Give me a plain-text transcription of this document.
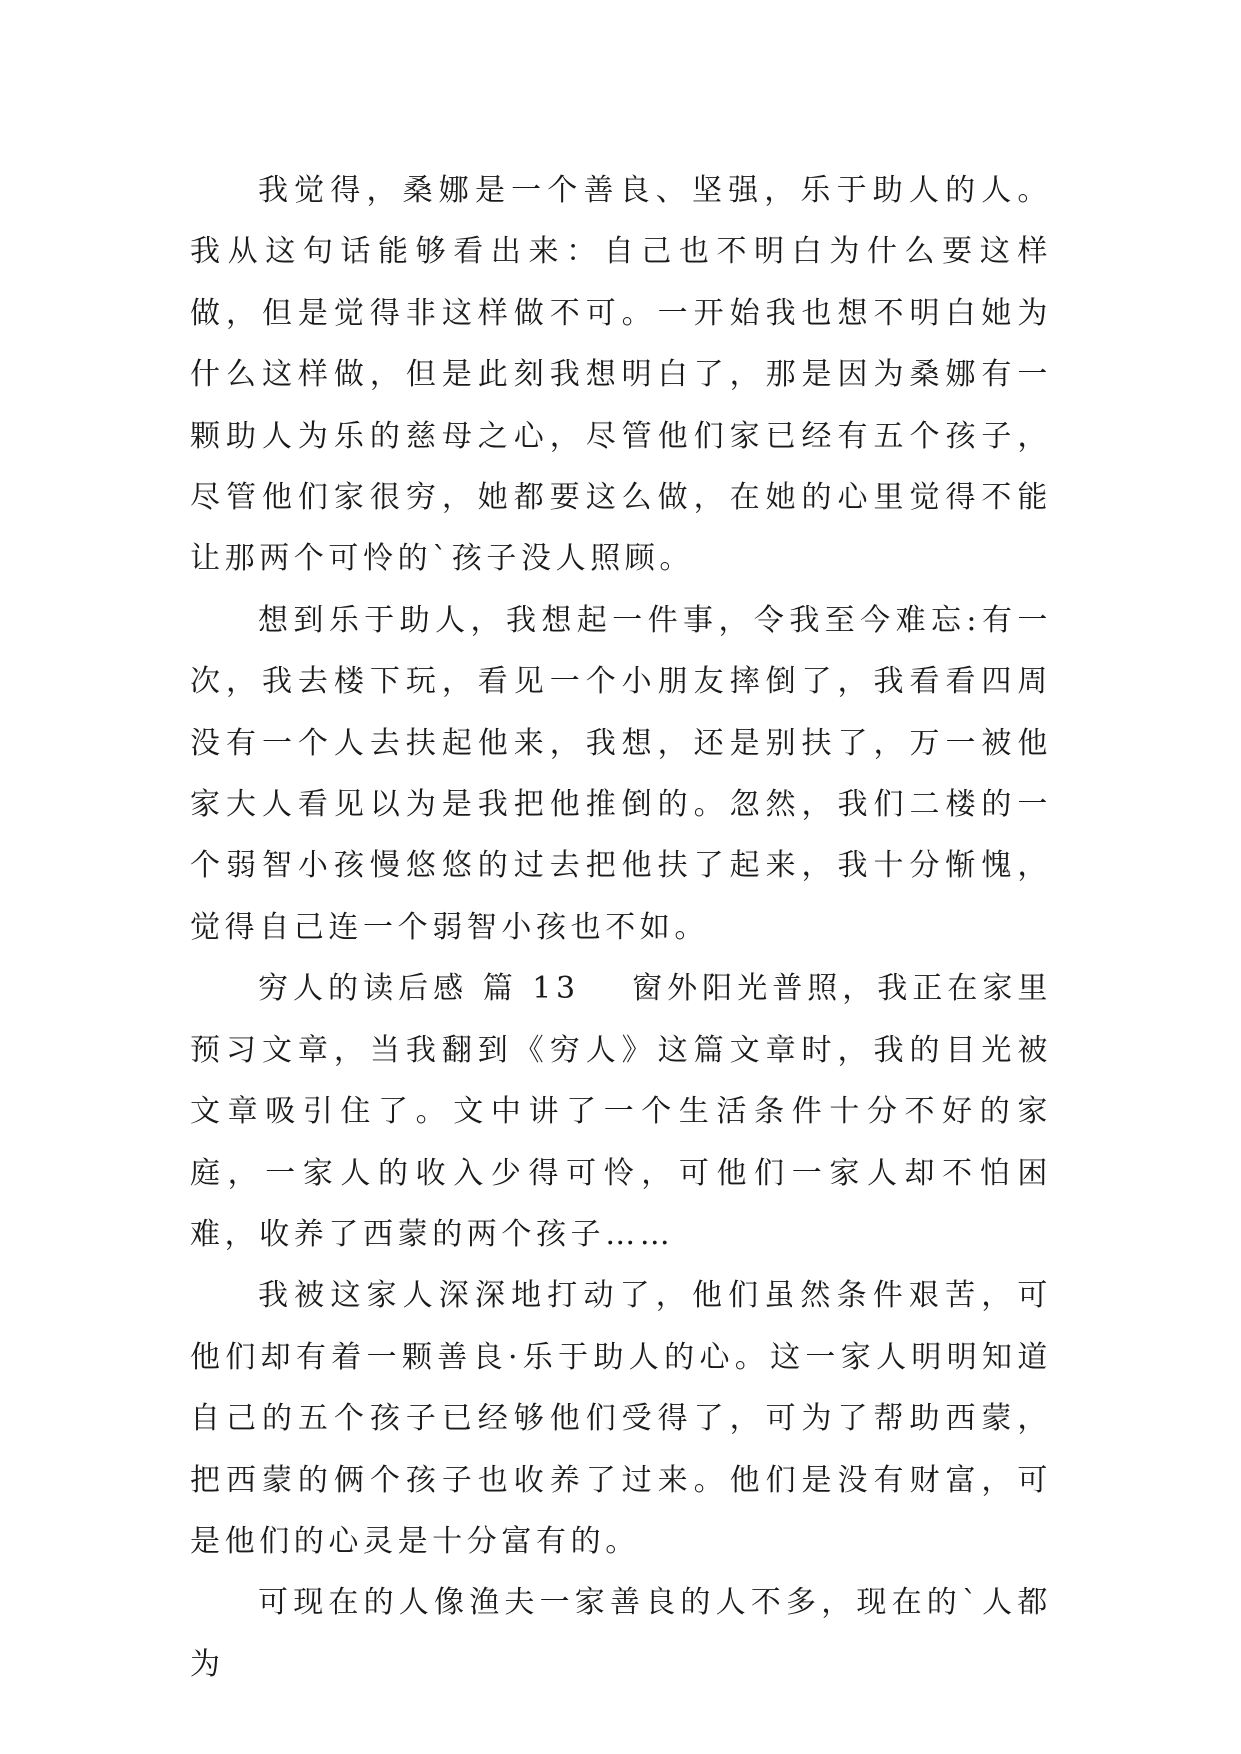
我觉得，桑娜是一个善良、坚强，乐于助人的人。我从这句话能够看出来：自己也不明白为什么要这样做，但是觉得非这样做不可。一开始我也想不明白她为什么这样做，但是此刻我想明白了，那是因为桑娜有一颗助人为乐的慈母之心，尽管他们家已经有五个孩子，尽管他们家很穷，她都要这么做，在她的心里觉得不能让那两个可怜的`孩子没人照顾。

想到乐于助人，我想起一件事，令我至今难忘:有一次，我去楼下玩，看见一个小朋友摔倒了，我看看四周没有一个人去扶起他来，我想，还是别扶了，万一被他家大人看见以为是我把他推倒的。忽然，我们二楼的一个弱智小孩慢悠悠的过去把他扶了起来，我十分惭愧，觉得自己连一个弱智小孩也不如。

穷人的读后感 篇 13 窗外阳光普照，我正在家里预习文章，当我翻到《穷人》这篇文章时，我的目光被文章吸引住了。文中讲了一个生活条件十分不好的家庭，一家人的收入少得可怜，可他们一家人却不怕困难，收养了西蒙的两个孩子……

我被这家人深深地打动了，他们虽然条件艰苦，可他们却有着一颗善良·乐于助人的心。这一家人明明知道自己的五个孩子已经够他们受得了，可为了帮助西蒙，把西蒙的俩个孩子也收养了过来。他们是没有财富，可是他们的心灵是十分富有的。

可现在的人像渔夫一家善良的人不多，现在的`人都为
